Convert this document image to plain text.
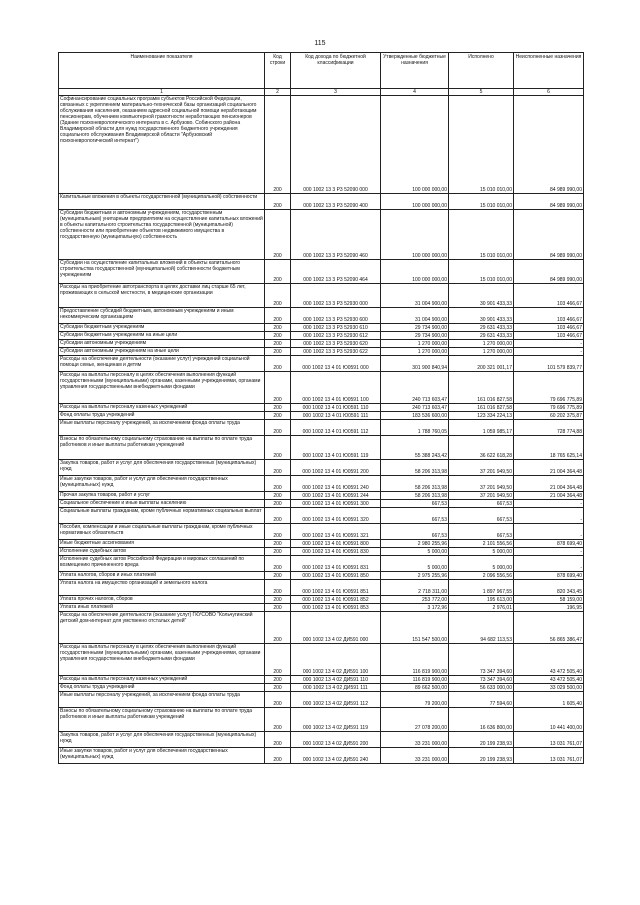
115
Наименование показателя	Код строки	Код дохода по бюджетной классификации	Утвержденные бюджетные назначения	Исполнено	Неисполненные назначения
1	2	3	4	5	6
Софинансирование социальных программ субъектов Российской Федерации, связанных с укреплением материально-технической базы организаций социального обслуживания населения, оказанием адресной социальной помощи неработающим пенсионерам, обучением компьютерной грамотности неработающих пенсионеров (Здание психоневрологического интерната в с. Арбузово. Собинского района Владимирской области для нужд государственного бюджетного учреждения социального обслуживания Владимирской области "Арбузовский психоневрологический интернат")	200	000 1002 13 3 Р3 52090 000	100 000 000,00	15 010 010,00	84 989 990,00
Капитальные вложения в объекты государственной (муниципальной) собственности	200	000 1002 13 3 Р3 52090 400	100 000 000,00	15 010 010,00	84 989 990,00
Субсидии бюджетным и автономным учреждениям, государственным (муниципальным) унитарным предприятиям на осуществление капитальных вложений в объекты капитального строительства государственной (муниципальной) собственности или приобретение объектов недвижимого имущества в государственную (муниципальную) собственность	200	000 1002 13 3 Р3 52090 460	100 000 000,00	15 010 010,00	84 989 990,00
Субсидии на осуществление капитальных вложений в объекты капитального строительства государственной (муниципальной) собственности бюджетным учреждениям	200	000 1002 13 3 Р3 52090 464	100 000 000,00	15 010 010,00	84 989 990,00
Расходы на приобретение автотранспорта в целях доставки лиц старше 65 лет, проживающих в сельской местности, в медицинские организации	200	000 1002 13 3 Р3 52930 000	31 004 900,00	30 901 433,33	103 466,67
Предоставление субсидий бюджетным, автономным учреждениям и иным некоммерческим организациям	200	000 1002 13 3 Р3 52930 600	31 004 900,00	30 901 433,33	103 466,67
Субсидии бюджетным учреждениям	200	000 1002 13 3 Р3 52930 610	29 734 900,00	29 631 433,33	103 466,67
Субсидии бюджетным учреждениям на иные цели	200	000 1002 13 3 Р3 52930 612	29 734 900,00	29 631 433,33	103 466,67
Субсидии автономным учреждениям	200	000 1002 13 3 Р3 52930 620	1 270 000,00	1 270 000,00	-
Субсидии автономным учреждениям на иные цели	200	000 1002 13 3 Р3 52930 622	1 270 000,00	1 270 000,00	-
Расходы на обеспечение деятельности (оказание услуг) учреждений социальной помощи семье, женщинам и детям	200	000 1002 13 4 01 Ю0591 000	301 900 840,94	200 321 001,17	101 579 839,77
Расходы на выплаты персоналу в целях обеспечения выполнения функций государственными (муниципальными) органами, казенными учреждениями, органами управления государственными внебюджетными фондами	200	000 1002 13 4 01 Ю0591 100	240 713 603,47	161 016 827,58	79 696 775,89
Расходы на выплаты персоналу казенных учреждений	200	000 1002 13 4 01 Ю0591 110	240 713 603,47	161 016 827,58	79 696 775,89
Фонд оплаты труда учреждений	200	000 1002 13 4 01 Ю0591 111	183 536 600,00	123 334 224,13	60 202 375,87
Иные выплаты персоналу учреждений, за исключением фонда оплаты труда	200	000 1002 13 4 01 Ю0591 112	1 788 760,05	1 059 985,17	728 774,88
Взносы по обязательному социальному страхованию на выплаты по оплате труда работников и иные выплаты работникам учреждений	200	000 1002 13 4 01 Ю0591 119	55 388 243,42	36 622 618,28	18 765 625,14
Закупка товаров, работ и услуг для обеспечения государственных (муниципальных) нужд	200	000 1002 13 4 01 Ю0591 200	58 206 313,98	37 201 949,50	21 004 364,48
Иные закупки товаров, работ и услуг для обеспечения государственных (муниципальных) нужд	200	000 1002 13 4 01 Ю0591 240	58 206 313,98	37 201 949,50	21 004 364,48
Прочая закупка товаров, работ и услуг	200	000 1002 13 4 01 Ю0591 244	58 206 313,98	37 201 949,50	21 004 364,48
Социальное обеспечение и иные выплаты населению	200	000 1002 13 4 01 Ю0591 300	667,53	667,53	-
Социальные выплаты гражданам, кроме публичных нормативных социальных выплат	200	000 1002 13 4 01 Ю0591 320	667,53	667,53	-
Пособия, компенсации и иные социальные выплаты гражданам, кроме публичных нормативных обязательств	200	000 1002 13 4 01 Ю0591 321	667,53	667,53	-
Иные бюджетные ассигнования	200	000 1002 13 4 01 Ю0591 800	2 980 255,96	2 101 556,56	878 699,40
Исполнение судебных актов	200	000 1002 13 4 01 Ю0591 830	5 000,00	5 000,00	-
Исполнение судебных актов Российской Федерации и мировых соглашений по возмещению причиненного вреда	200	000 1002 13 4 01 Ю0591 831	5 000,00	5 000,00	-
Уплата налогов, сборов и иных платежей	200	000 1002 13 4 01 Ю0591 850	2 975 255,96	2 096 556,56	878 699,40
Уплата налога на имущество организаций и земельного налога	200	000 1002 13 4 01 Ю0591 851	2 718 311,00	1 897 967,55	820 343,45
Уплата прочих налогов, сборов	200	000 1002 13 4 01 Ю0591 852	253 772,00	195 613,00	58 159,00
Уплата иных платежей	200	000 1002 13 4 01 Ю0591 853	3 172,96	2 976,01	196,95
Расходы на обеспечение деятельности (оказание услуг) ГКУСОВО "Кольчугинский детский дом-интернат для умственно отсталых детей"	200	000 1002 13 4 02 ДИ591 000	151 547 500,00	94 682 113,53	56 865 386,47
Расходы на выплаты персоналу в целях обеспечения выполнения функций государственными (муниципальными) органами, казенными учреждениями, органами управления государственными внебюджетными фондами	200	000 1002 13 4 02 ДИ591 100	116 819 900,00	73 347 394,60	43 472 505,40
Расходы на выплаты персоналу казенных учреждений	200	000 1002 13 4 02 ДИ591 110	116 819 900,00	73 347 394,60	43 472 505,40
Фонд оплаты труда учреждений	200	000 1002 13 4 02 ДИ591 111	89 662 500,00	56 633 000,00	33 029 500,00
Иные выплаты персоналу учреждений, за исключением фонда оплаты труда	200	000 1002 13 4 02 ДИ591 112	79 200,00	77 594,60	1 605,40
Взносы по обязательному социальному страхованию на выплаты по оплате труда работников и иные выплаты работникам учреждений	200	000 1002 13 4 02 ДИ591 119	27 078 200,00	16 636 800,00	10 441 400,00
Закупка товаров, работ и услуг для обеспечения государственных (муниципальных) нужд	200	000 1002 13 4 02 ДИ591 200	33 231 000,00	20 199 238,93	13 031 761,07
Иные закупки товаров, работ и услуг для обеспечения государственных (муниципальных) нужд	200	000 1002 13 4 02 ДИ591 240	33 231 000,00	20 199 238,93	13 031 761,07
